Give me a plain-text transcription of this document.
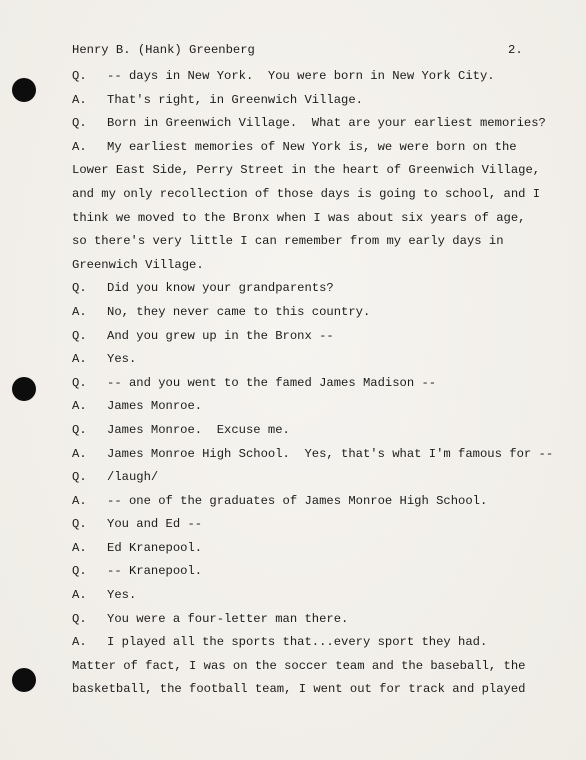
Henry B. (Hank) Greenberg	2.
Q. -- days in New York.  You were born in New York City.
A. That's right, in Greenwich Village.
Q. Born in Greenwich Village.  What are your earliest memories?
A. My earliest memories of New York is, we were born on the
Lower East Side, Perry Street in the heart of Greenwich Village,
and my only recollection of those days is going to school, and I
think we moved to the Bronx when I was about six years of age,
so there's very little I can remember from my early days in
Greenwich Village.
Q. Did you know your grandparents?
A. No, they never came to this country.
Q. And you grew up in the Bronx --
A. Yes.
Q. -- and you went to the famed James Madison --
A. James Monroe.
Q. James Monroe.  Excuse me.
A. James Monroe High School.  Yes, that's what I'm famous for --
Q. /laugh/
A. -- one of the graduates of James Monroe High School.
Q. You and Ed --
A. Ed Kranepool.
Q. -- Kranepool.
A. Yes.
Q. You were a four-letter man there.
A. I played all the sports that...every sport they had.
Matter of fact, I was on the soccer team and the baseball, the
basketball, the football team, I went out for track and played
